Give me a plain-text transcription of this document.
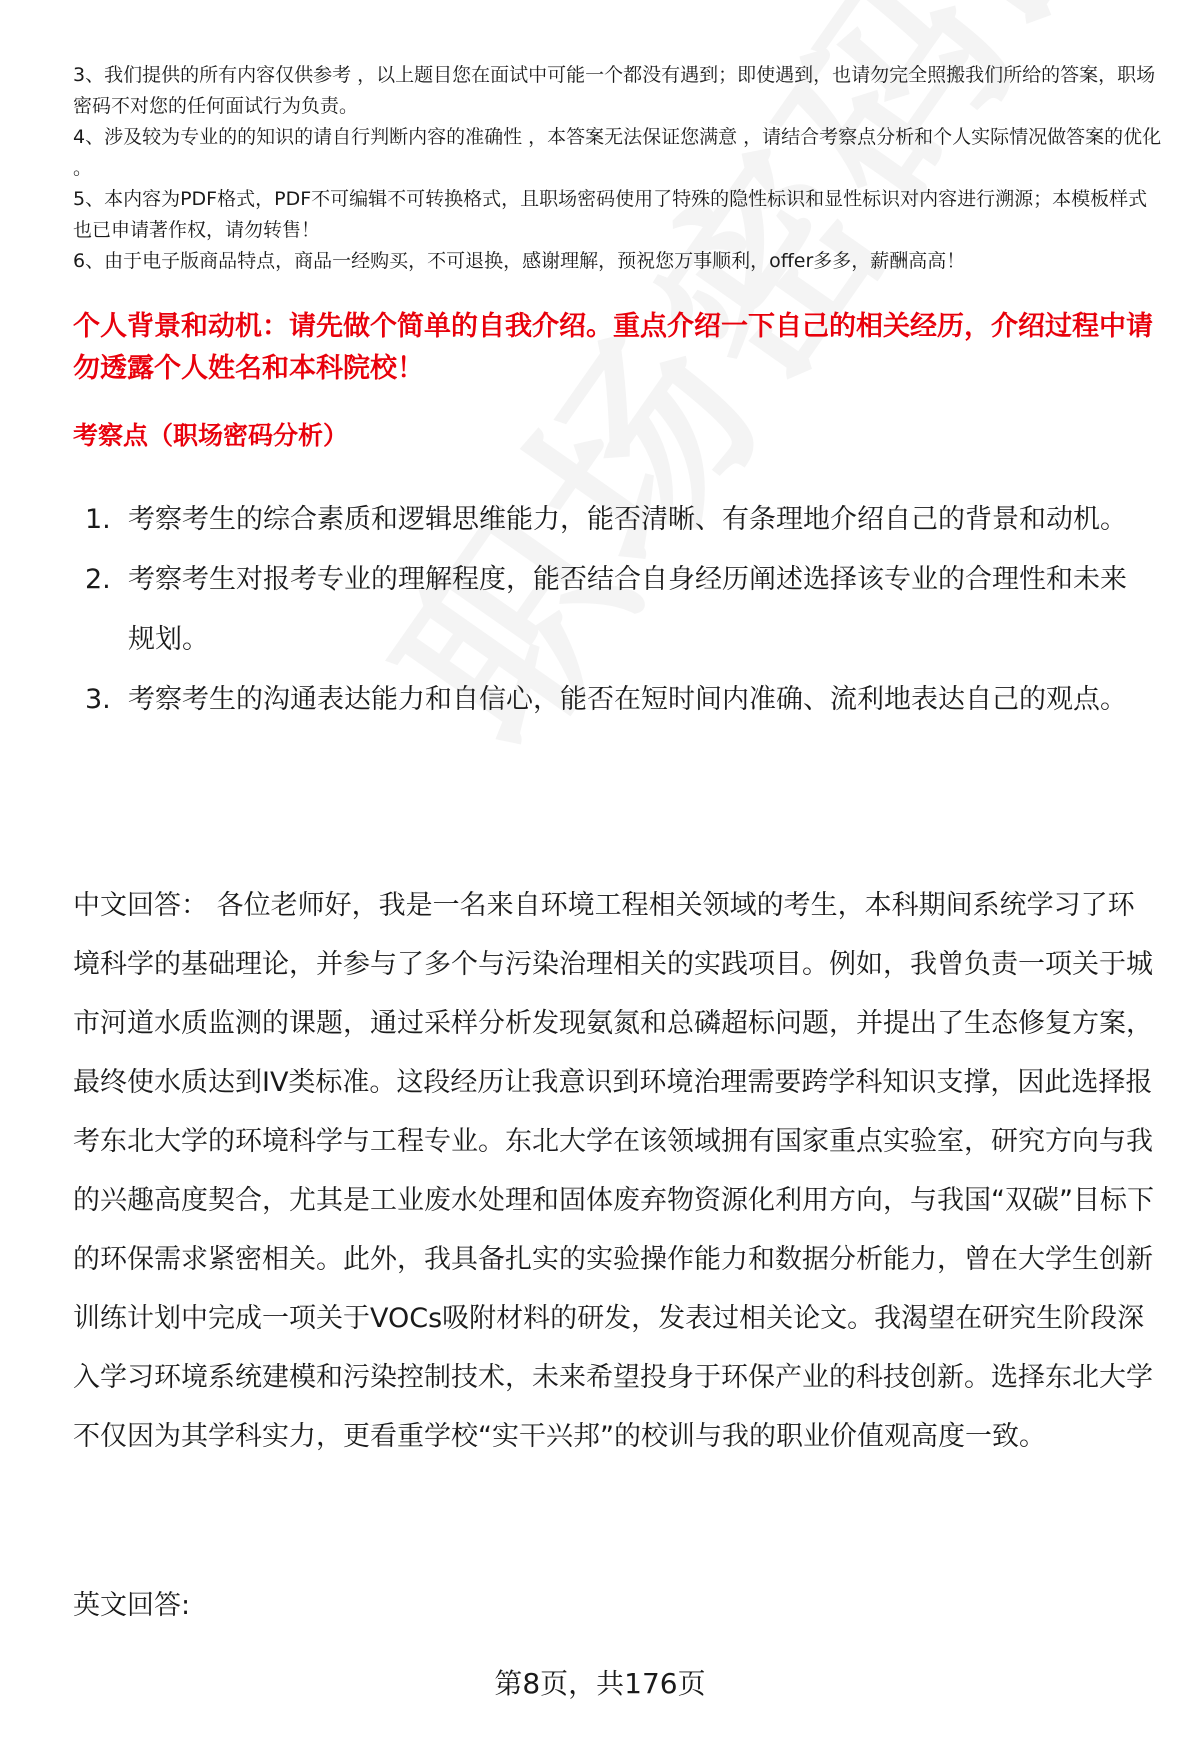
3、我们提供的所有内容仅供参考 ，以上题目您在面试中可能一个都没有遇到；即使遇到，也请勿完全照搬我们所给的答案，职场密码不对您的任何面试行为负责。

4、涉及较为专业的的知识的请自行判断内容的准确性 ，本答案无法保证您满意 ，请结合考察点分析和个人实际情况做答案的优化 。

5、本内容为PDF格式，PDF不可编辑不可转换格式，且职场密码使用了特殊的隐性标识和显性标识对内容进行溯源；本模板样式也已申请著作权，请勿转售！

6、由于电子版商品特点，商品一经购买，不可退换，感谢理解，预祝您万事顺利，offer多多，薪酬高高！

个人背景和动机：请先做个简单的自我介绍。重点介绍一下自己的相关经历，介绍过程中请勿透露个人姓名和本科院校！
考察点（职场密码分析）
1. 考察考生的综合素质和逻辑思维能力，能否清晰、有条理地介绍自己的背景和动机。
2. 考察考生对报考专业的理解程度，能否结合自身经历阐述选择该专业的合理性和未来规划。
3. 考察考生的沟通表达能力和自信心，能否在短时间内准确、流利地表达自己的观点。

中文回答： 各位老师好，我是一名来自环境工程相关领域的考生，本科期间系统学习了环境科学的基础理论，并参与了多个与污染治理相关的实践项目。例如，我曾负责一项关于城市河道水质监测的课题，通过采样分析发现氨氮和总磷超标问题，并提出了生态修复方案，最终使水质达到IV类标准。这段经历让我意识到环境治理需要跨学科知识支撑，因此选择报考东北大学的环境科学与工程专业。东北大学在该领域拥有国家重点实验室，研究方向与我的兴趣高度契合，尤其是工业废水处理和固体废弃物资源化利用方向，与我国“双碳”目标下的环保需求紧密相关。此外，我具备扎实的实验操作能力和数据分析能力，曾在大学生创新训练计划中完成一项关于VOCs吸附材料的研发，发表过相关论文。我渴望在研究生阶段深入学习环境系统建模和污染控制技术，未来希望投身于环保产业的科技创新。选择东北大学不仅因为其学科实力，更看重学校“实干兴邦”的校训与我的职业价值观高度一致。

英文回答:

第8页，共176页
